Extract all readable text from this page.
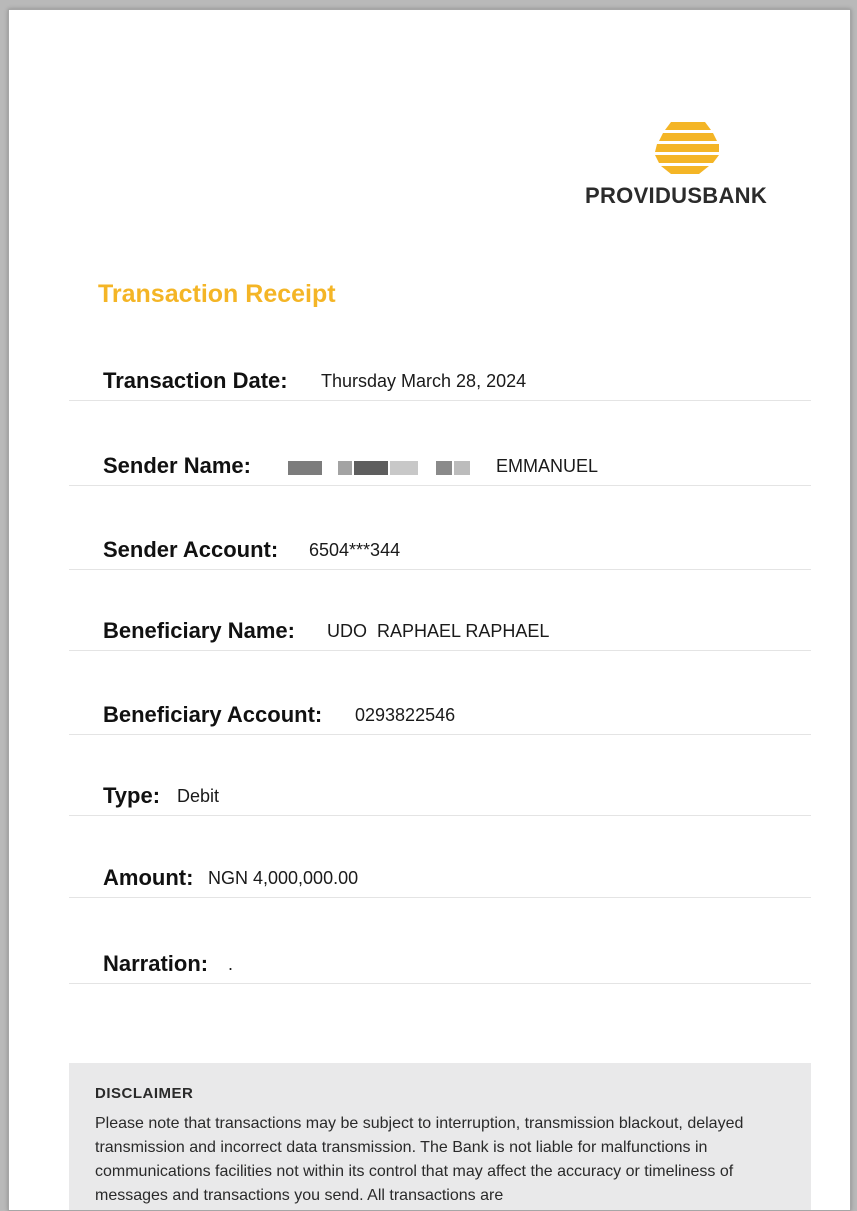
PROVIDUSBANK
Transaction Receipt
Transaction Date: Thursday March 28, 2024
Sender Name:	EMMANUEL
Sender Account: 6504***344
Beneficiary Name: UDO  RAPHAEL RAPHAEL
Beneficiary Account: 0293822546
Type: Debit
Amount: NGN 4,000,000.00
Narration: .
DISCLAIMER
Please note that transactions may be subject to interruption, transmission blackout, delayed transmission and incorrect data transmission. The Bank is not liable for malfunctions in communications facilities not within its control that may affect the accuracy or timeliness of messages and transactions you send. All transactions are
